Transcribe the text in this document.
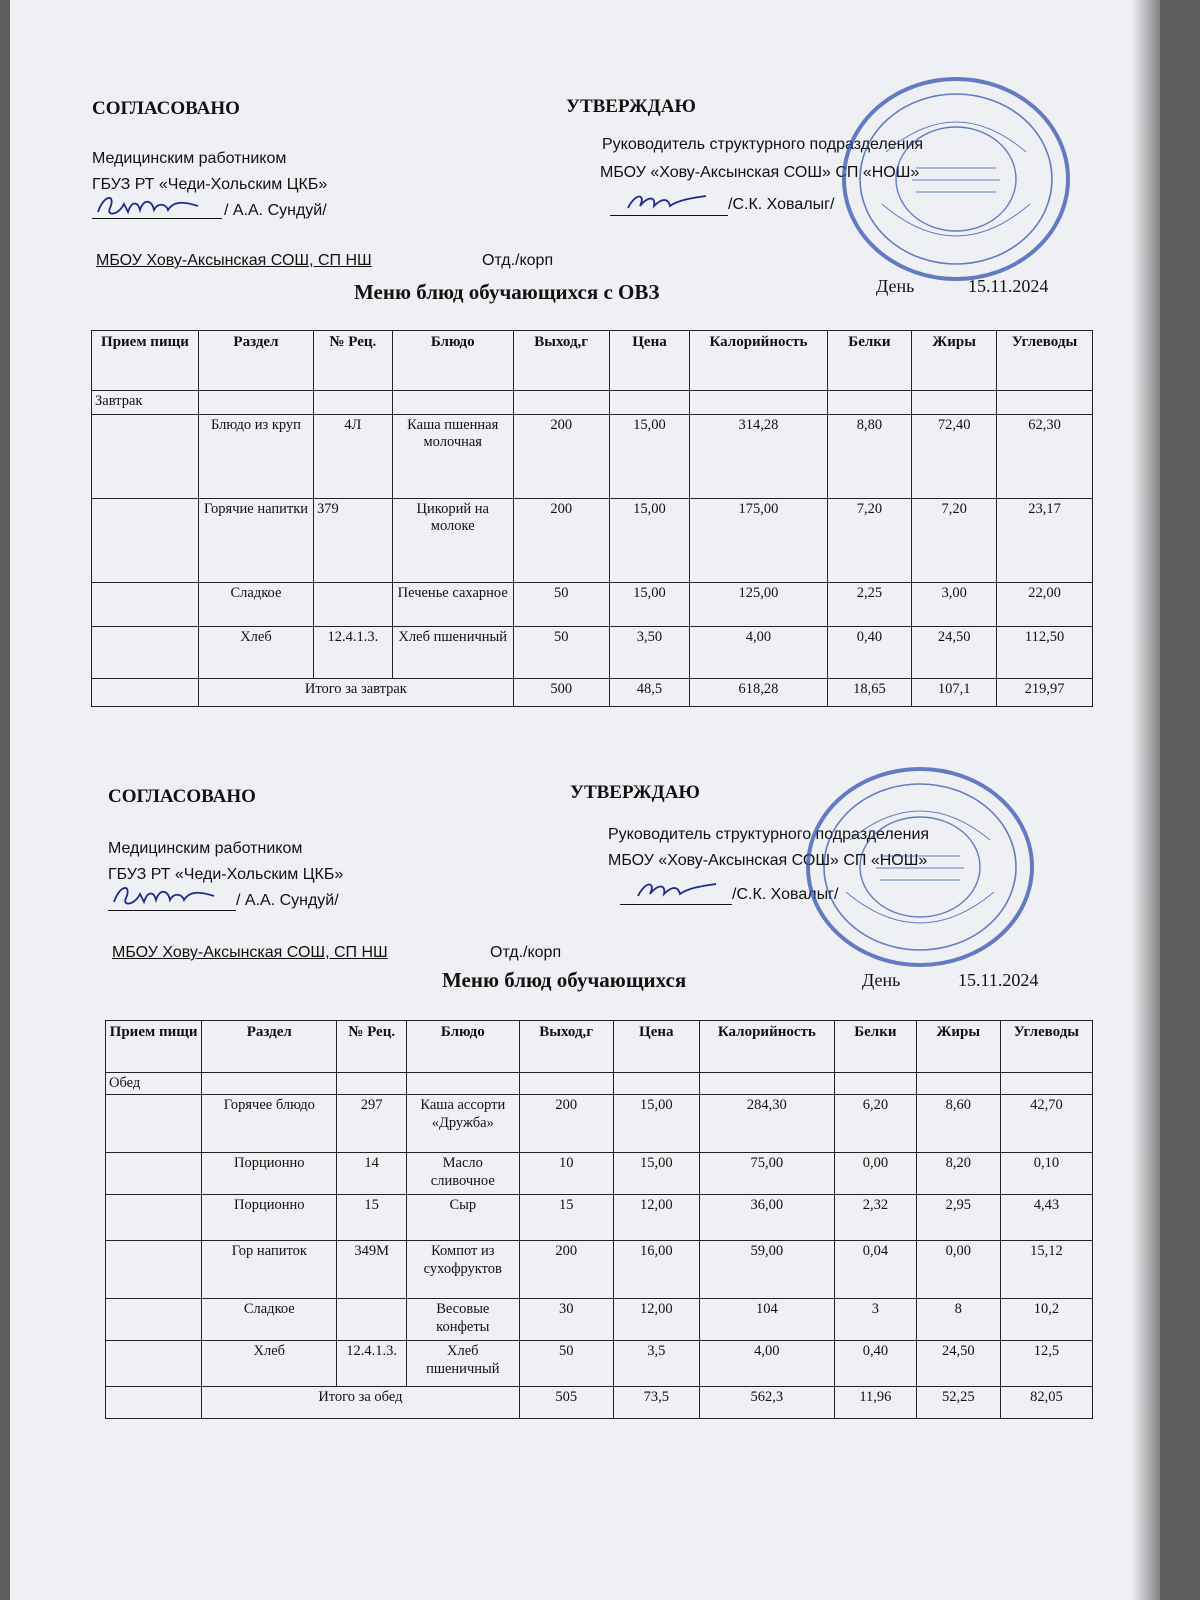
СОГЛАСОВАНО	УТВЕРЖДАЮ
Медицинским работником
ГБУЗ РТ «Чеди-Хольским ЦКБ»
/ А.А. Сундуй/
Руководитель структурного подразделения
МБОУ «Хову-Аксынская СОШ» СП «НОШ»
/С.К. Ховалыг/
МБОУ Хову-Аксынская СОШ, СП НШ	Отд./корп
Меню блюд обучающихся с ОВЗ	День	15.11.2024
Прием пищи	Раздел	№ Рец.	Блюдо	Выход,г	Цена	Калорийность	Белки	Жиры	Углеводы
Завтрак									
	Блюдо из круп	4Л	Каша пшенная молочная	200	15,00	314,28	8,80	72,40	62,30
	Горячие напитки	379	Цикорий на молоке	200	15,00	175,00	7,20	7,20	23,17
	Сладкое		Печенье сахарное	50	15,00	125,00	2,25	3,00	22,00
	Хлеб	12.4.1.3.	Хлеб пшеничный	50	3,50	4,00	0,40	24,50	112,50
	Итого за завтрак			500	48,5	618,28	18,65	107,1	219,97
СОГЛАСОВАНО	УТВЕРЖДАЮ
Медицинским работником
ГБУЗ РТ «Чеди-Хольским ЦКБ»
/ А.А. Сундуй/
Руководитель структурного подразделения
МБОУ «Хову-Аксынская СОШ» СП «НОШ»
/С.К. Ховалыг/
МБОУ Хову-Аксынская СОШ, СП НШ	Отд./корп
Меню блюд обучающихся	День	15.11.2024
Прием пищи	Раздел	№ Рец.	Блюдо	Выход,г	Цена	Калорийность	Белки	Жиры	Углеводы
Обед									
	Горячее блюдо	297	Каша ассорти «Дружба»	200	15,00	284,30	6,20	8,60	42,70
	Порционно	14	Масло сливочное	10	15,00	75,00	0,00	8,20	0,10
	Порционно	15	Сыр	15	12,00	36,00	2,32	2,95	4,43
	Гор напиток	349М	Компот из сухофруктов	200	16,00	59,00	0,04	0,00	15,12
	Сладкое		Весовые конфеты	30	12,00	104	3	8	10,2
	Хлеб	12.4.1.3.	Хлеб пшеничный	50	3,5	4,00	0,40	24,50	12,5
	Итого за обед			505	73,5	562,3	11,96	52,25	82,05
